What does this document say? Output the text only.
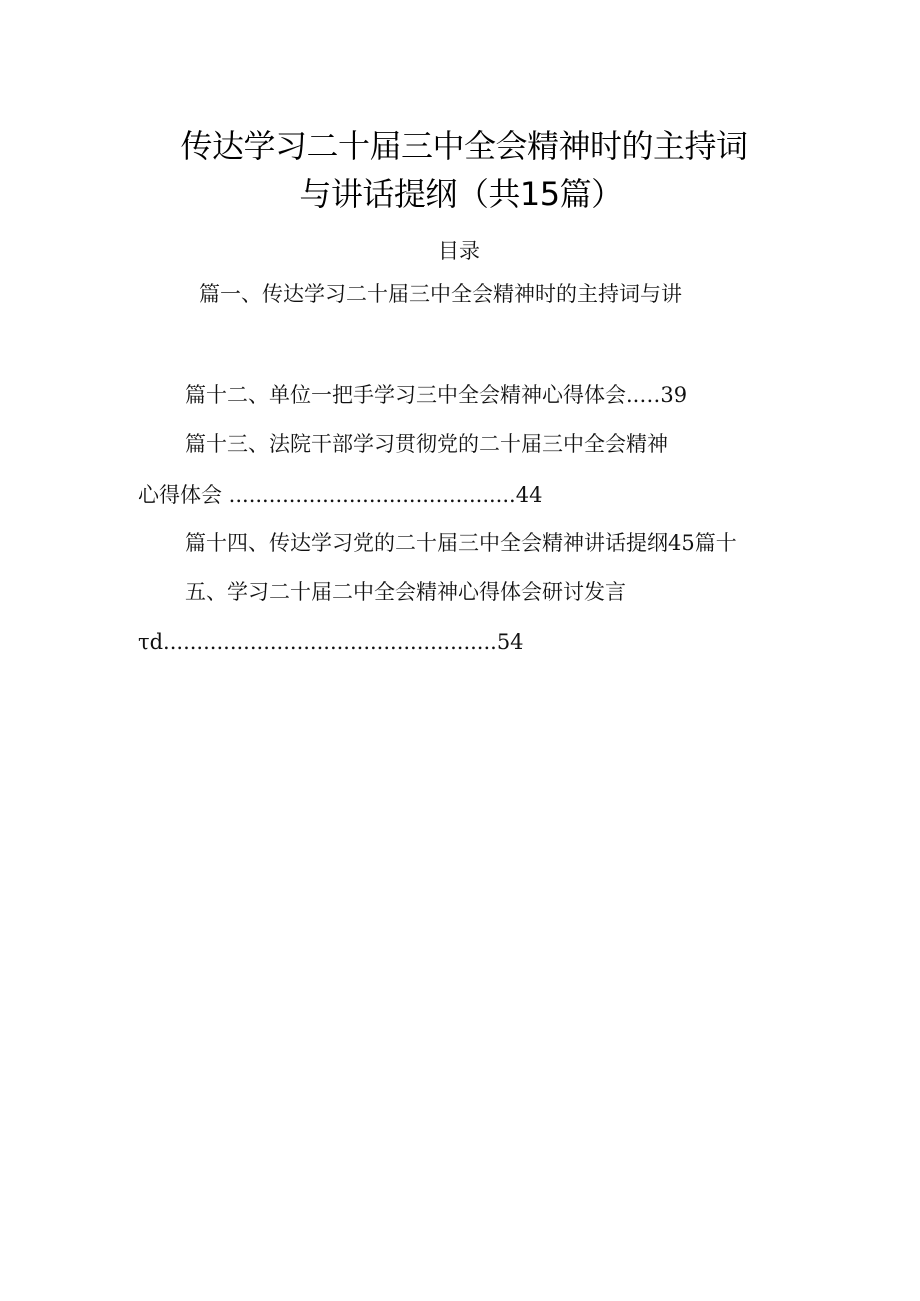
传达学习二十届三中全会精神时的主持词
与讲话提纲（共15篇）
目录
篇一、传达学习二十届三中全会精神时的主持词与讲
篇十二、单位一把手学习三中全会精神心得体会..…39
篇十三、法院干部学习贯彻党的二十届三中全会精神
心得体会 ...........................................44
篇十四、传达学习党的二十届三中全会精神讲话提纲45篇十
五、学习二十届二中全会精神心得体会研讨发言
τd..................................................54
